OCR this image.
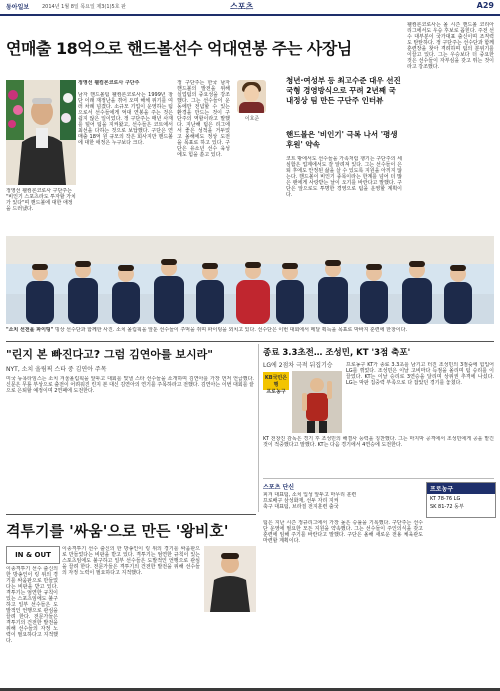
동아일보	2014년 1월 8일 목요일 제3(1)5호 판	스포츠	A29
연매출 18억으로 핸드볼선수 억대연봉 주는 사장님
정영선 웰컴론코로사 구단주
남자 핸드볼팀 웰컴론코로사는 1999년 창단 이래 재정난을 겪어 오며 해체 위기를 여러 차례 넘겼다. 소규모 기업이 운영하는 팀으로서 선수들에게 억대 연봉을 주는 것은 쉽지 않은 일이었다. 정 구단주는 매년 사재를 털어 팀을 지켜왔고, 선수들은 코트에서 최선을 다하는 것으로 보답했다. 구단은 연매출 18억 원 규모의 작은 회사지만 핸드볼에 대한 애정은 누구보다 크다.
정 구단주는 한국 남자 핸드볼의 발전을 위해 실업팀의 중요성을 강조했다. 그는 선수들이 운동에만 전념할 수 있는 환경을 만드는 것이 구단주의 역할이라고 말했다. 지난해 팀은 리그에서 좋은 성적을 거두었고 올해에도 정상 도전을 목표로 하고 있다. 구단은 유소년 선수 육성에도 힘을 쏟고 있다.
이호준
청년·여성부 등 최고수준 대우 선진국형 경영방식으로 꾸려 2년째 국내정상 팀 만든 구단주 인터뷰
핸드볼은 '비인기' 극복 나서 '평생 후원' 약속
코트 밖에서도 선수들을 가족처럼 챙기는 구단주의 세심함은 업계에서도 잘 알려져 있다. 그는 선수들이 은퇴 후에도 안정된 삶을 살 수 있도록 지원을 아끼지 않는다. 핸드볼이 비인기 종목이라는 한계를 넘어 더 많은 팬에게 사랑받는 날이 오기를 바란다고 말했다. 구단은 앞으로도 투명한 경영으로 팀을 운영할 계획이다.
웰컴론코로사는 올 시즌 핸드볼 코리아리그에서도 우승 후보로 꼽힌다. 주전 선수 대부분이 국가대표 출신이며 조직력도 탄탄하다. 정 구단주는 선수단과 함께 훈련장을 찾아 격려하며 팀의 분위기를 이끌고 있다. 그는 우승보다 더 중요한 것은 선수들이 자부심을 갖고 뛰는 것이라고 강조했다.
정영선 웰컴론코로사 구단주는 "비인기 스포츠라도 투자할 가치가 있다"며 핸드볼에 대한 애정을 드러냈다.
"소치 선전을 파이팅" 빙상 선수단과 함께한 사진. 소치 올림픽을 앞둔 선수들이 주먹을 쥐며 파이팅을 외치고 있다. 선수단은 이번 대회에서 메달 획득을 목표로 막바지 훈련에 한창이다.
"린지 본 빠진다고? 그럼 김연아를 보시라"
NYT, 소치 올림픽 스타 중 김연아 주목
미국 뉴욕타임스는 소치 겨울올림픽을 앞두고 대회를 빛낼 스타 선수들을 소개하며 김연아를 가장 먼저 언급했다. 신문은 무릎 부상으로 출전이 어려워진 린지 본 대신 김연아의 연기를 주목하라고 전했다. 김연아는 이번 대회를 끝으로 은퇴할 예정이며 2연패에 도전한다.
종료 3.3초전… 조성민, KT '3점 축포'
LG에 2점차 극적 뒤집기승
KB국민은행
프로농구
프로농구 KT가 종료 3.3초를 남기고 터진 조성민의 3점슛에 힘입어 LG를 꺾었다. 조성민은 이날 고비마다 득점을 올리며 팀 승리를 이끌었다. KT는 이날 승리로 3연승을 달리며 상위권 추격에 나섰다. LG는 막판 집중력 부족으로 다 잡았던 경기를 놓쳤다.
KT 전창진 감독은 경기 후 조성민의 해결사 능력을 칭찬했다. 그는 마지막 공격에서 조성민에게 공을 맡긴 것이 적중했다고 말했다. KT는 다음 경기에서 4연승에 도전한다.
스포츠 단신
피겨 대표팀, 소치 입성 앞두고 마무리 훈련
프로배구 삼성화재, 선두 자리 지켜
축구 대표팀, 브라질 전지훈련 출국
팀은 지난 시즌 정규리그에서 가장 높은 승률을 기록했다. 구단주는 선수단 운영에 필요한 모든 지원을 약속했다. 그는 선수들이 주인의식을 갖고 훈련에 임해 주기를 바란다고 말했다. 구단은 올해 새로운 전용 체육관도 마련할 계획이다.
프로농구
KT 78-76 LG
SK 81-72 동부
격투기를 '싸움'으로 만든 '왕비호'
IN & OUT
이종격투기 선수 출신의 한 방송인이 링 위의 경기를 싸움판으로 만들었다는 비판을 받고 있다. 격투기는 엄연한 규칙이 있는 스포츠임에도 불구하고 일부 선수들은 도발적인 언행으로 관심을 끌려 한다. 전문가들은 격투기의 건전한 발전을 위해 선수들의 자정 노력이 필요하다고 지적했다.
이종격투기 선수 출신의 한 방송인이 링 위의 경기를 싸움판으로 만들었다는 비판을 받고 있다. 격투기는 엄연한 규칙이 있는 스포츠임에도 불구하고 일부 선수들은 도발적인 언행으로 관심을 끌려 한다. 전문가들은 격투기의 건전한 발전을 위해 선수들의 자정 노력이 필요하다고 지적했다.
